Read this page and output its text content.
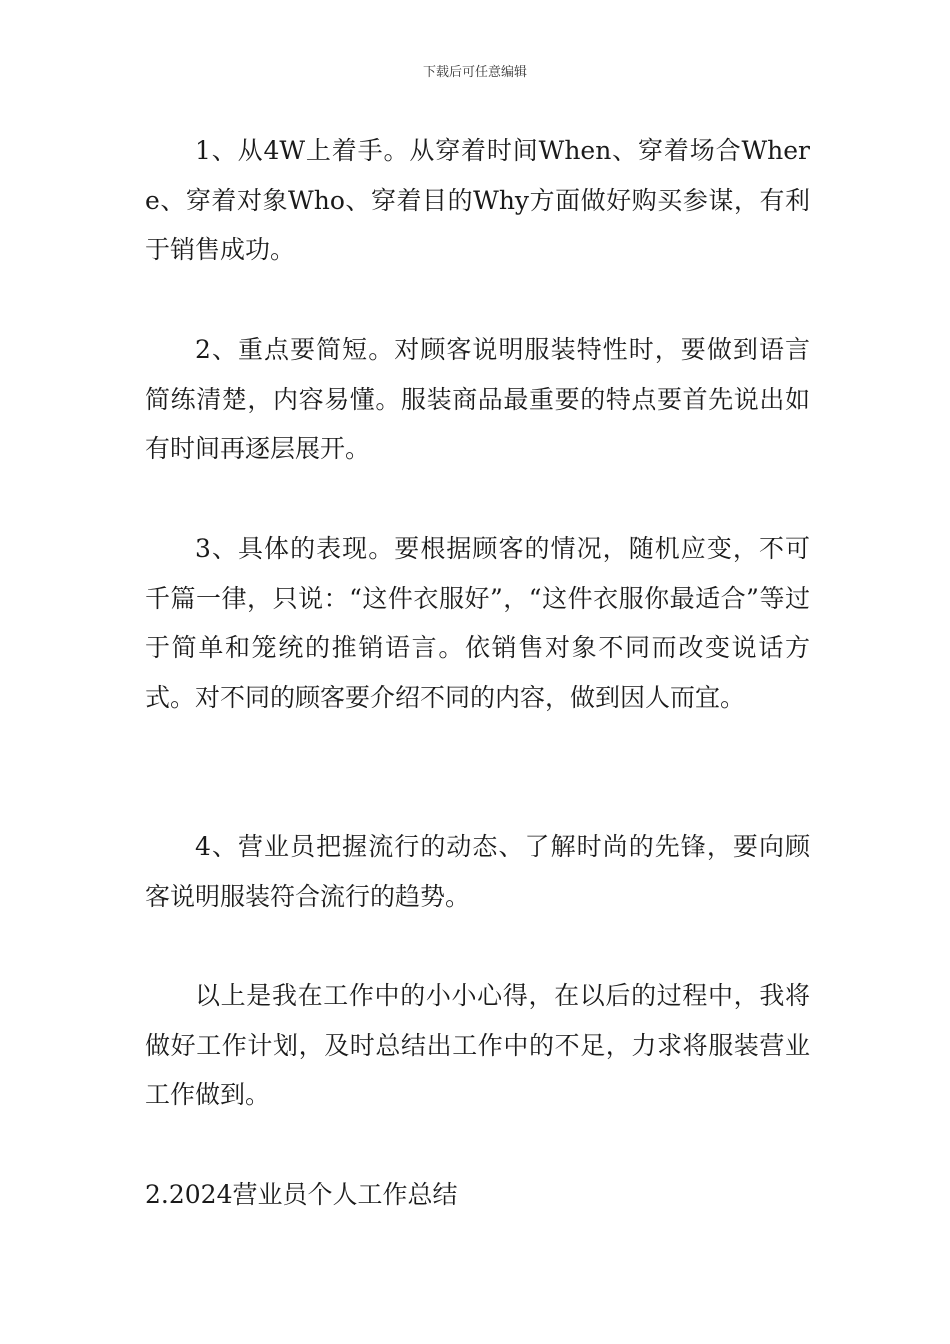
下载后可任意编辑

1、从4W上着手。从穿着时间When、穿着场合Where、穿着对象Who、穿着目的Why方面做好购买参谋，有利于销售成功。

2、重点要简短。对顾客说明服装特性时，要做到语言简练清楚，内容易懂。服装商品最重要的特点要首先说出如有时间再逐层展开。

3、具体的表现。要根据顾客的情况，随机应变，不可千篇一律，只说：“这件衣服好”，“这件衣服你最适合”等过于简单和笼统的推销语言。依销售对象不同而改变说话方式。对不同的顾客要介绍不同的内容，做到因人而宜。

4、营业员把握流行的动态、了解时尚的先锋，要向顾客说明服装符合流行的趋势。

以上是我在工作中的小小心得，在以后的过程中，我将做好工作计划，及时总结出工作中的不足，力求将服装营业工作做到。

2.2024营业员个人工作总结
